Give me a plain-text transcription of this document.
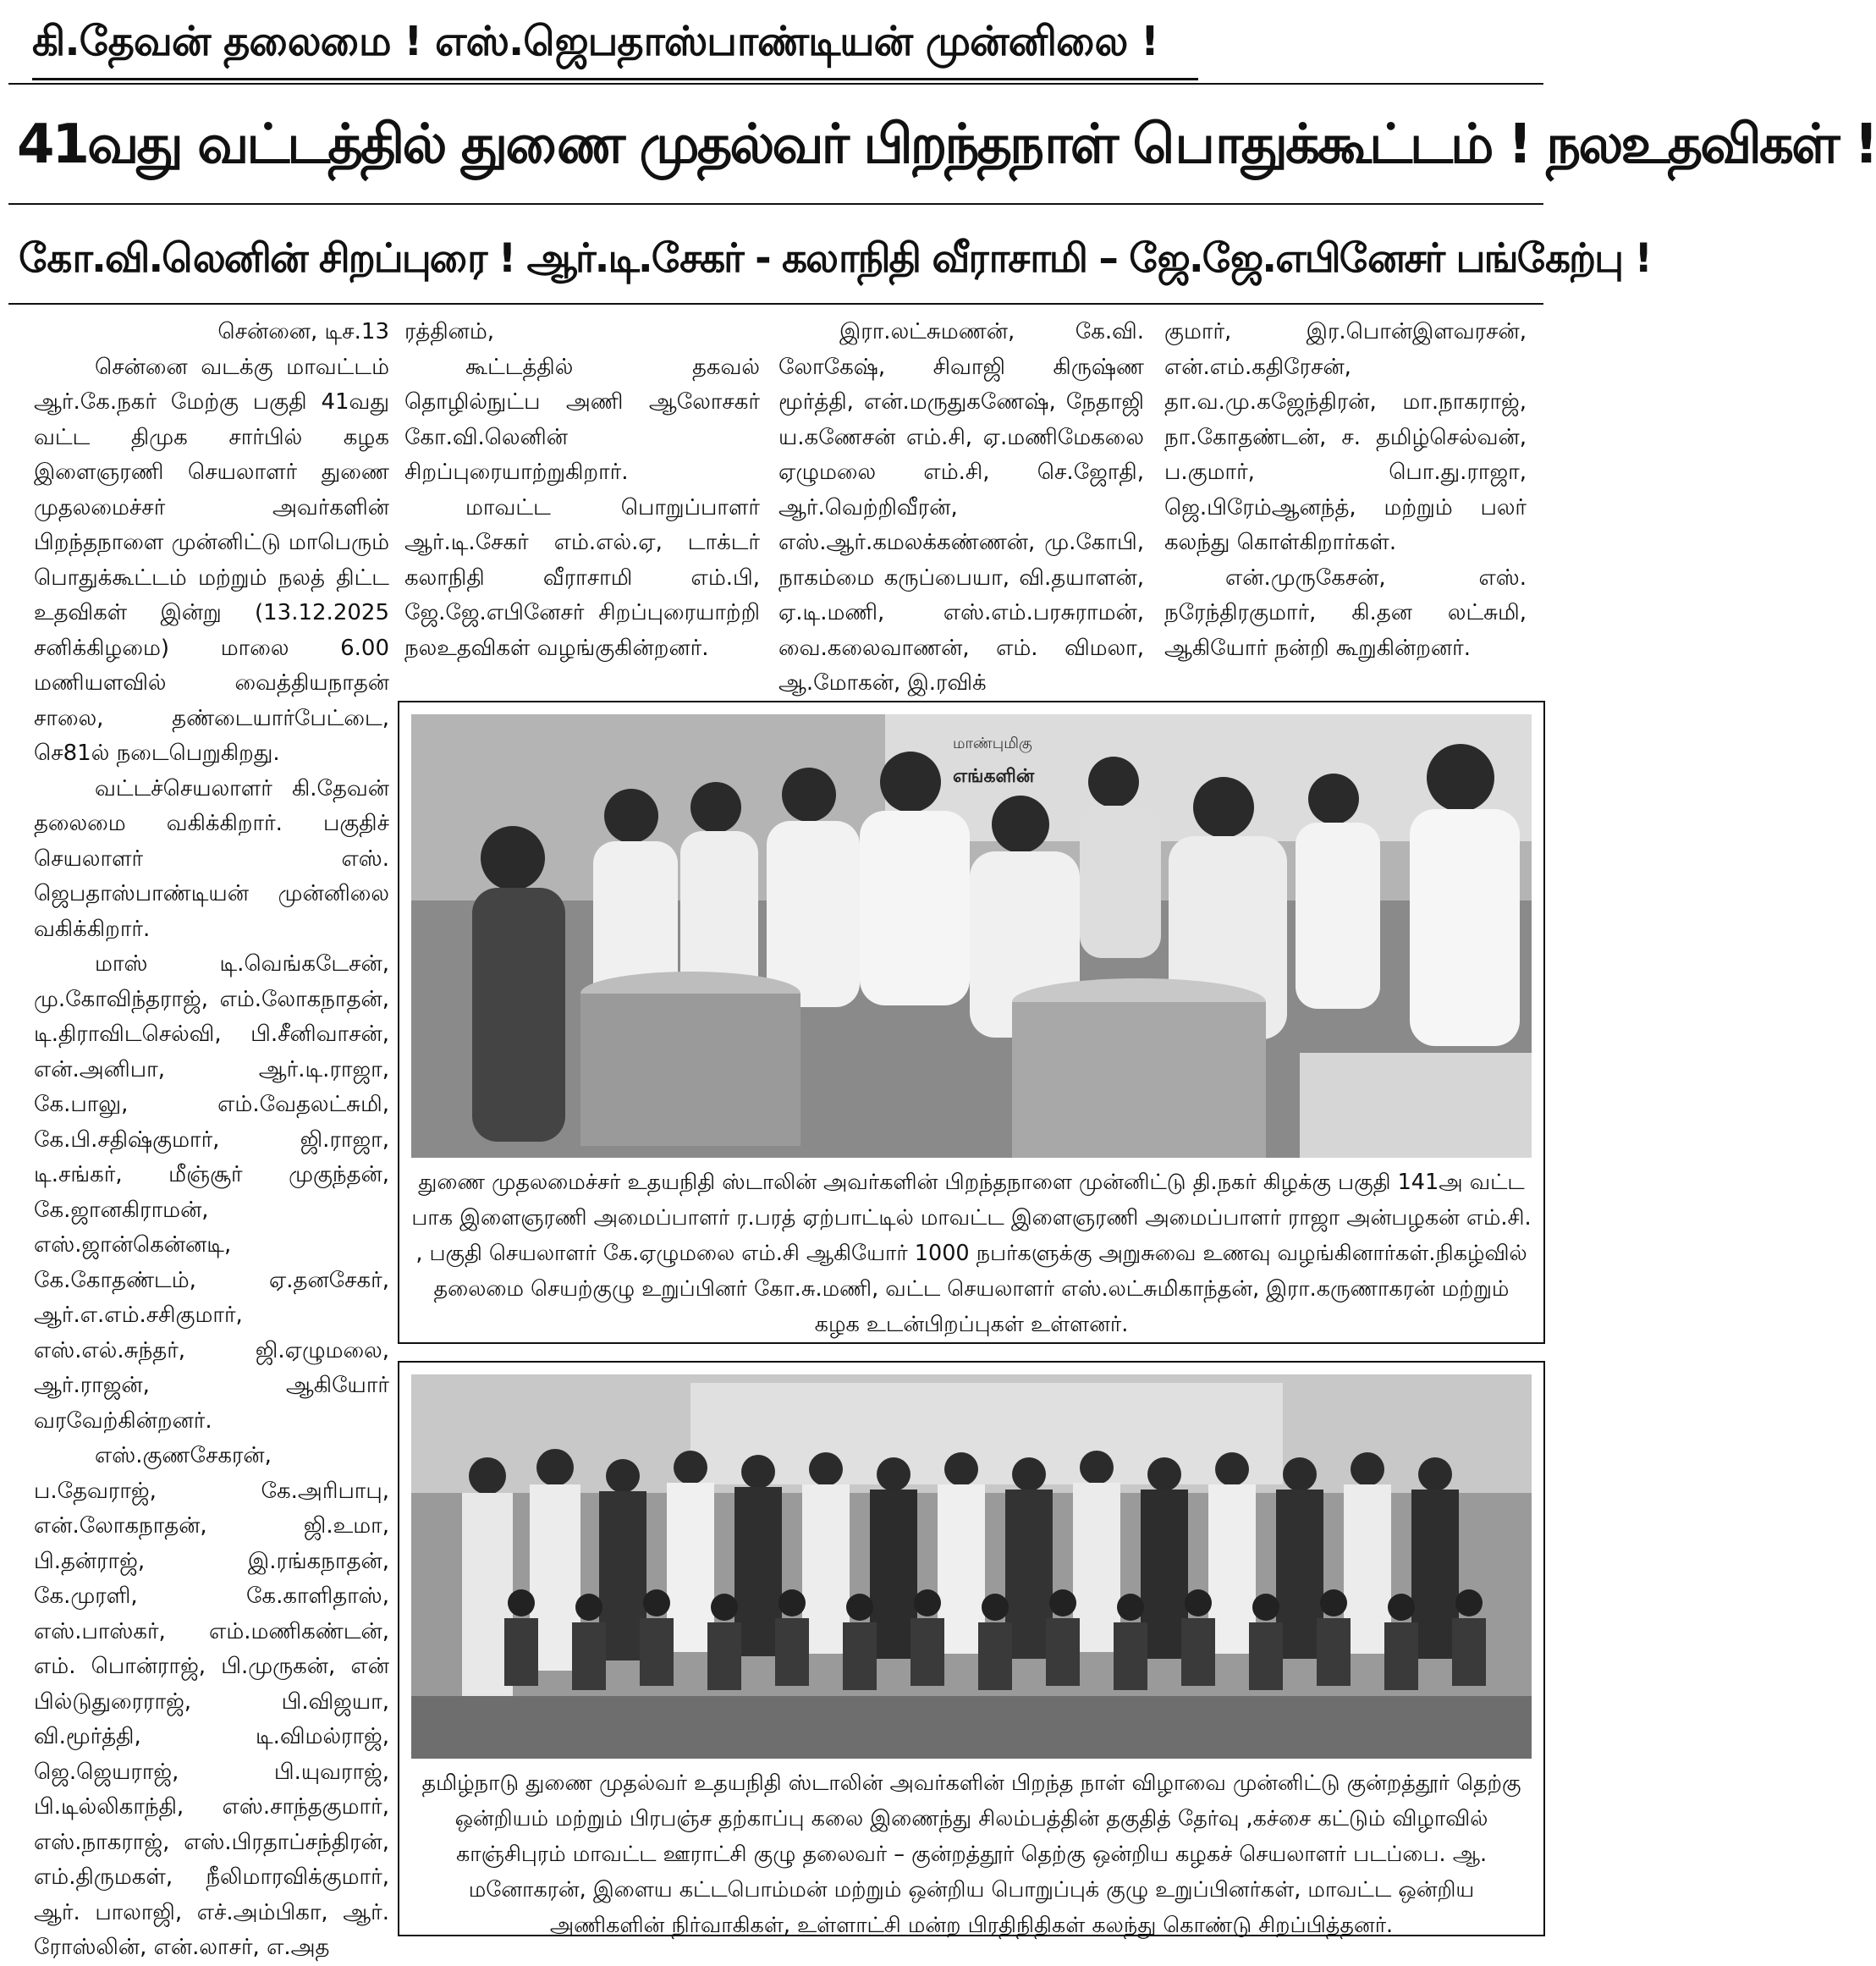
கி.தேவன் தலைமை ! எஸ்.ஜெபதாஸ்பாண்டியன் முன்னிலை !
41வது வட்டத்தில் துணை முதல்வர் பிறந்தநாள் பொதுக்கூட்டம் ! நலஉதவிகள் !
கோ.வி.லெனின் சிறப்புரை ! ஆர்.டி.சேகர் - கலாநிதி வீராசாமி – ஜே.ஜே.எபினேசர் பங்கேற்பு !

சென்னை, டிச.13

சென்னை வடக்கு மாவட்டம் ஆர்.கே.நகர் மேற்கு பகுதி 41வது வட்ட திமுக சார்பில் கழக இளைஞரணி செயலாளர் துணை முதலமைச்சர் அவர்களின் பிறந்தநாளை முன்னிட்டு மாபெரும் பொதுக்கூட்டம் மற்றும் நலத் திட்ட உதவிகள் இன்று (13.12.2025 சனிக்கிழமை) மாலை 6.00 மணியளவில் வைத்தியநாதன் சாலை, தண்டையார்பேட்டை, செ81ல் நடைபெறுகிறது.

வட்டச்செயலாளர் கி.தேவன் தலைமை வகிக்கிறார். பகுதிச் செயலாளர் எஸ். ஜெபதாஸ்பாண்டியன் முன்னிலை வகிக்கிறார்.

மாஸ் டி.வெங்கடேசன், மு.கோவிந்தராஜ், எம்.லோகநாதன், டி.திராவிடசெல்வி, பி.சீனிவாசன், என்.அனிபா, ஆர்.டி.ராஜா, கே.பாலு, எம்.வேதலட்சுமி, கே.பி.சதிஷ்குமார், ஜி.ராஜா, டி.சங்கர், மீஞ்சூர் முகுந்தன், கே.ஜானகிராமன், எஸ்.ஜான்கென்னடி, கே.கோதண்டம், ஏ.தனசேகர், ஆர்.எ.எம்.சசிகுமார், எஸ்.எல்.சுந்தர், ஜி.ஏழுமலை, ஆர்.ராஜன், ஆகியோர் வரவேற்கின்றனர்.

எஸ்.குணசேகரன், ப.தேவராஜ், கே.அரிபாபு, என்.லோகநாதன், ஜி.உமா, பி.தன்ராஜ், இ.ரங்கநாதன், கே.முரளி, கே.காளிதாஸ், எஸ்.பாஸ்கர், எம்.மணிகண்டன், எம். பொன்ராஜ், பி.முருகன், என் பில்டுதுரைராஜ், பி.விஜயா, வி.மூர்த்தி, டி.விமல்ராஜ், ஜெ.ஜெயராஜ், பி.யுவராஜ், பி.டில்லிகாந்தி, எஸ்.சாந்தகுமார், எஸ்.நாகராஜ், எஸ்.பிரதாப்சந்திரன், எம்.திருமகள், நீலிமாரவிக்குமார், ஆர். பாலாஜி, எச்.அம்பிகா, ஆர். ரோஸ்லின், என்.லாசர், எ.அத

ரத்தினம்,

கூட்டத்தில் தகவல் தொழில்நுட்ப அணி ஆலோசகர் கோ.வி.லெனின் சிறப்புரையாற்றுகிறார்.

மாவட்ட பொறுப்பாளர் ஆர்.டி.சேகர் எம்.எல்.ஏ, டாக்டர் கலாநிதி வீராசாமி எம்.பி, ஜே.ஜே.எபினேசர் சிறப்புரையாற்றி நலஉதவிகள் வழங்குகின்றனர்.

இரா.லட்சுமணன், கே.வி. லோகேஷ், சிவாஜி கிருஷ்ண மூர்த்தி, என்.மருதுகணேஷ், நேதாஜி ய.கணேசன் எம்.சி, ஏ.மணிமேகலை ஏழுமலை எம்.சி, செ.ஜோதி, ஆர்.வெற்றிவீரன், எஸ்.ஆர்.கமலக்கண்ணன், மு.கோபி, நாகம்மை கருப்பையா, வி.தயாளன், ஏ.டி.மணி, எஸ்.எம்.பரசுராமன், வை.கலைவாணன், எம். விமலா, ஆ.மோகன், இ.ரவிக்

குமார், இர.பொன்இளவரசன், என்.எம்.கதிரேசன், தா.வ.மு.கஜேந்திரன், மா.நாகராஜ், நா.கோதண்டன், ச. தமிழ்செல்வன், ப.குமார், பொ.து.ராஜா, ஜெ.பிரேம்ஆனந்த், மற்றும் பலர் கலந்து கொள்கிறார்கள்.

என்.முருகேசன், எஸ். நரேந்திரகுமார், கி.தன லட்சுமி, ஆகியோர் நன்றி கூறுகின்றனர்.

மாண்புமிகு
எங்களின்
துணை முதலமைச்சர் உதயநிதி ஸ்டாலின் அவர்களின் பிறந்தநாளை முன்னிட்டு தி.நகர் கிழக்கு பகுதி 141அ வட்ட பாக இளைஞரணி அமைப்பாளர் ர.பரத் ஏற்பாட்டில் மாவட்ட இளைஞரணி அமைப்பாளர் ராஜா அன்பழகன் எம்.சி. , பகுதி செயலாளர் கே.ஏழுமலை எம்.சி ஆகியோர் 1000 நபர்களுக்கு அறுசுவை உணவு வழங்கினார்கள்.நிகழ்வில் தலைமை செயற்குழு உறுப்பினர் கோ.சு.மணி, வட்ட செயலாளர் எஸ்.லட்சுமிகாந்தன், இரா.கருணாகரன் மற்றும் கழக உடன்பிறப்புகள் உள்ளனர்.
தமிழ்நாடு துணை முதல்வர் உதயநிதி ஸ்டாலின் அவர்களின் பிறந்த நாள் விழாவை முன்னிட்டு குன்றத்தூர் தெற்கு ஒன்றியம் மற்றும் பிரபஞ்ச தற்காப்பு கலை இணைந்து சிலம்பத்தின் தகுதித் தேர்வு ,கச்சை கட்டும் விழாவில் காஞ்சிபுரம் மாவட்ட ஊராட்சி குழு தலைவர் – குன்றத்தூர் தெற்கு ஒன்றிய கழகச் செயலாளர் படப்பை. ஆ. மனோகரன், இளைய கட்டபொம்மன் மற்றும் ஒன்றிய பொறுப்புக் குழு உறுப்பினர்கள், மாவட்ட ஒன்றிய அணிகளின் நிர்வாகிகள், உள்ளாட்சி மன்ற பிரதிநிதிகள் கலந்து கொண்டு சிறப்பித்தனர்.
